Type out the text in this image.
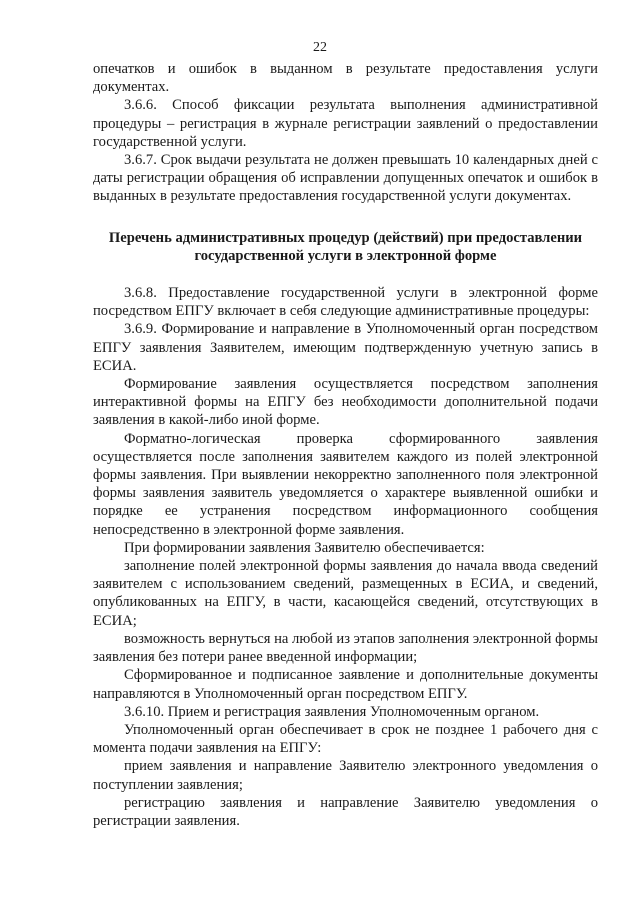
22

опечатков и ошибок в выданном в результате предоставления услуги документах.

3.6.6. Способ фиксации результата выполнения административной процедуры – регистрация в журнале регистрации заявлений о предоставлении государственной услуги.

3.6.7. Срок выдачи результата не должен превышать 10 календарных дней с даты регистрации обращения об исправлении допущенных опечаток и ошибок в выданных в результате предоставления государственной услуги документах.

Перечень административных процедур (действий) при предоставлении государственной услуги в электронной форме

3.6.8. Предоставление государственной услуги в электронной форме посредством ЕПГУ включает в себя следующие административные процедуры:

3.6.9. Формирование и направление в Уполномоченный орган посредством ЕПГУ заявления Заявителем, имеющим подтвержденную учетную запись в ЕСИА.

Формирование заявления осуществляется посредством заполнения интерактивной формы на ЕПГУ без необходимости дополнительной подачи заявления в какой-либо иной форме.

Форматно-логическая проверка сформированного заявления осуществляется после заполнения заявителем каждого из полей электронной формы заявления. При выявлении некорректно заполненного поля электронной формы заявления заявитель уведомляется о характере выявленной ошибки и порядке ее устранения посредством информационного сообщения непосредственно в электронной форме заявления.

При формировании заявления Заявителю обеспечивается:

заполнение полей электронной формы заявления до начала ввода сведений заявителем с использованием сведений, размещенных в ЕСИА, и сведений, опубликованных на ЕПГУ, в части, касающейся сведений, отсутствующих в ЕСИА;

возможность вернуться на любой из этапов заполнения электронной формы заявления без потери ранее введенной информации;

Сформированное и подписанное заявление и дополнительные документы направляются в Уполномоченный орган посредством ЕПГУ.

3.6.10. Прием и регистрация заявления Уполномоченным органом.

Уполномоченный орган обеспечивает в срок не позднее 1 рабочего дня с момента подачи заявления на ЕПГУ:

прием заявления и направление Заявителю электронного уведомления о поступлении заявления;

регистрацию заявления и направление Заявителю уведомления о регистрации заявления.
